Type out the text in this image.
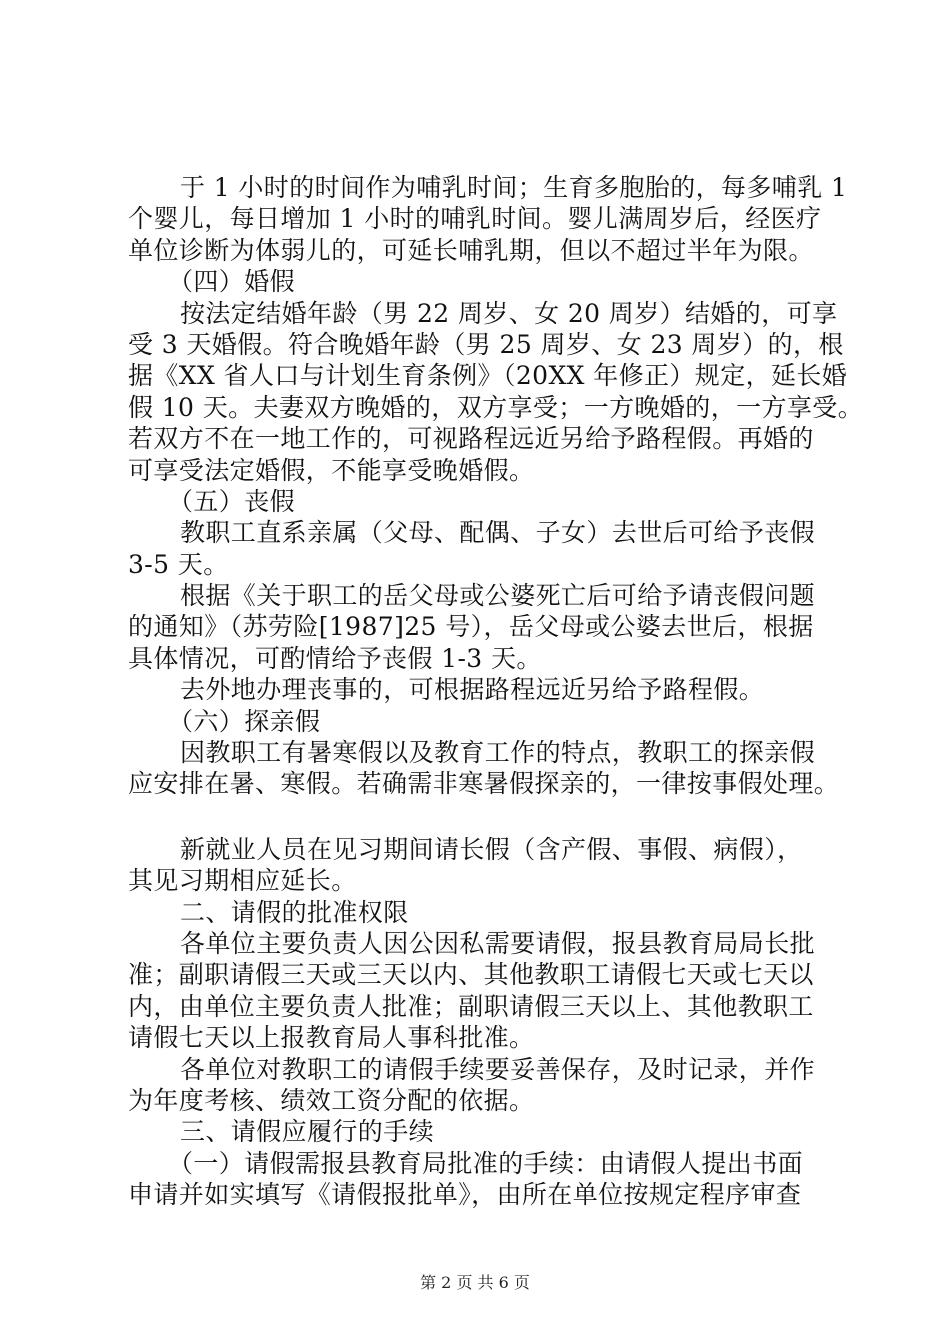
于 1 小时的时间作为哺乳时间；生育多胞胎的，每多哺乳 1
个婴儿，每日增加 1 小时的哺乳时间。婴儿满周岁后，经医疗
单位诊断为体弱儿的，可延长哺乳期，但以不超过半年为限。
（四）婚假
按法定结婚年龄（男 22 周岁、女 20 周岁）结婚的，可享
受 3 天婚假。符合晚婚年龄（男 25 周岁、女 23 周岁）的，根
据《XX 省人口与计划生育条例》（20XX 年修正）规定，延长婚
假 10 天。夫妻双方晚婚的，双方享受；一方晚婚的，一方享受。
若双方不在一地工作的，可视路程远近另给予路程假。再婚的
可享受法定婚假，不能享受晚婚假。
（五）丧假
教职工直系亲属（父母、配偶、子女）去世后可给予丧假
3-5 天。
根据《关于职工的岳父母或公婆死亡后可给予请丧假问题
的通知》（苏劳险[1987]25 号），岳父母或公婆去世后，根据
具体情况，可酌情给予丧假 1-3 天。
去外地办理丧事的，可根据路程远近另给予路程假。
（六）探亲假
因教职工有暑寒假以及教育工作的特点，教职工的探亲假
应安排在暑、寒假。若确需非寒暑假探亲的，一律按事假处理。
新就业人员在见习期间请长假（含产假、事假、病假），
其见习期相应延长。
二、请假的批准权限
各单位主要负责人因公因私需要请假，报县教育局局长批
准；副职请假三天或三天以内、其他教职工请假七天或七天以
内，由单位主要负责人批准；副职请假三天以上、其他教职工
请假七天以上报教育局人事科批准。
各单位对教职工的请假手续要妥善保存，及时记录，并作
为年度考核、绩效工资分配的依据。
三、请假应履行的手续
（一）请假需报县教育局批准的手续：由请假人提出书面
申请并如实填写《请假报批单》，由所在单位按规定程序审查
第 2 页 共 6 页
